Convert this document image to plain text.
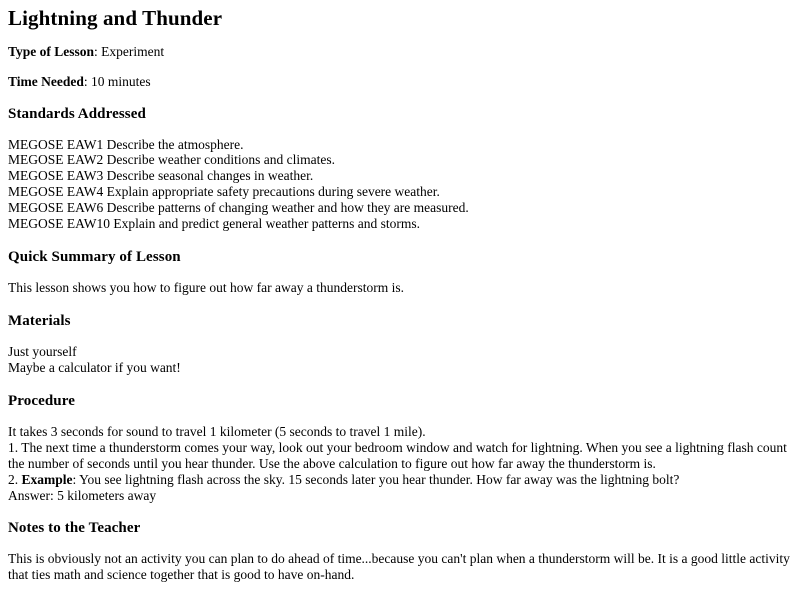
Lightning and Thunder
Type of Lesson: Experiment
Time Needed: 10 minutes
Standards Addressed
MEGOSE EAW1 Describe the atmosphere.
MEGOSE EAW2 Describe weather conditions and climates.
MEGOSE EAW3 Describe seasonal changes in weather.
MEGOSE EAW4 Explain appropriate safety precautions during severe weather.
MEGOSE EAW6 Describe patterns of changing weather and how they are measured.
MEGOSE EAW10 Explain and predict general weather patterns and storms.
Quick Summary of Lesson

This lesson shows you how to figure out how far away a thunderstorm is.

Materials

Just yourself

Maybe a calculator if you want!

Procedure

It takes 3 seconds for sound to travel 1 kilometer (5 seconds to travel 1 mile).

1. The next time a thunderstorm comes your way, look out your bedroom window and watch for lightning. When you see a lightning flash count the number of seconds until you hear thunder. Use the above calculation to figure out how far away the thunderstorm is.

2. Example: You see lightning flash across the sky. 15 seconds later you hear thunder. How far away was the lightning bolt?

Answer: 5 kilometers away

Notes to the Teacher

This is obviously not an activity you can plan to do ahead of time...because you can't plan when a thunderstorm will be. It is a good little activity that ties math and science together that is good to have on-hand.
